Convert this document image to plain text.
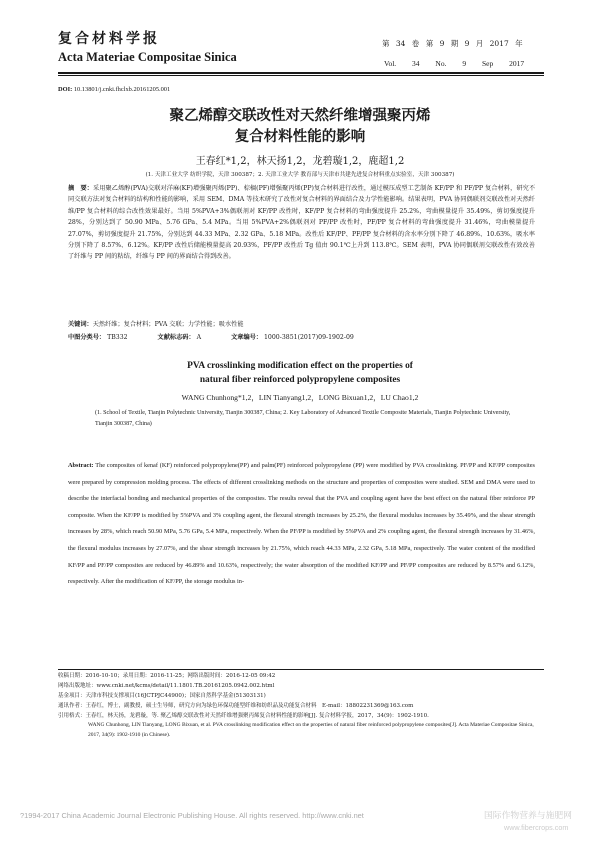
复合材料学报
Acta Materiae Compositae Sinica
第 34 卷 第 9 期 9 月 2017 年
Vol. 34 No. 9 Sep 2017
DOI: 10.13801/j.cnki.fhclxb.20161205.001
聚乙烯醇交联改性对天然纤维增强聚丙烯
复合材料性能的影响
王春红*1,2，林天扬1,2，龙碧璇1,2，鹿超1,2
(1. 天津工业大学 纺织学院，天津 300387；2. 天津工业大学 教育部与天津市共建先进复合材料重点实验室，天津 300387)
摘　要：采用聚乙烯醇(PVA)交联对洋麻(KF)增强聚丙烯(PP)、棕榈(PF)增强聚丙烯(PP)复合材料进行改性，通过模压成型工艺制备 KF/PP 和 PF/PP 复合材料，研究不同交联方法对复合材料的结构和性能的影响，采用 SEM、DMA 等技术研究了改性对复合材料的界面结合及力学性能影响。结果表明，PVA 协同偶联剂交联改性对天然纤维/PP 复合材料的综合改性效果最好。当用 5%PVA+3%偶联剂对 KF/PP 改性时，KF/PP 复合材料的弯曲强度提升 25.2%，弯曲模量提升 35.49%，剪切强度提升 28%，分别达到了 50.90 MPa、5.76 GPa、5.4 MPa。当用 5%PVA+2%偶联剂对 PF/PP 改性时，PF/PP 复合材料的弯曲强度提升 31.46%，弯曲模量提升 27.07%，剪切强度提升 21.75%，分别达到 44.33 MPa、2.32 GPa、5.18 MPa。改性后 KF/PP、PF/PP 复合材料的含水率分别下降了 46.89%、10.63%，吸水率分别下降了 8.57%、6.12%。KF/PP 改性后储能模量提高 20.93%，PF/PP 改性后 Tg 值由 90.1℃上升到 113.8℃。SEM 表明，PVA 协同偶联剂交联改性有效改善了纤维与 PP 间的粘结，纤维与 PP 间的界面结合得到改善。
关键词：天然纤维；复合材料；PVA 交联；力学性能；吸水性能
中图分类号： TB332	文献标志码： A	文章编号： 1000-3851(2017)09-1902-09
PVA crosslinking modification effect on the properties of
natural fiber reinforced polypropylene composites
WANG Chunhong*1,2，LIN Tianyang1,2，LONG Bixuan1,2，LU Chao1,2
(1. School of Textile, Tianjin Polytechnic University, Tianjin 300387, China; 2. Key Laboratory of Advanced Textile Composite Materials, Tianjin Polytechnic University, Tianjin 300387, China)
Abstract: The composites of kenaf (KF) reinforced polypropylene(PP) and palm(PF) reinforced polypropylene (PP) were modified by PVA crosslinking. PF/PP and KF/PP composites were prepared by compression molding process. The effects of different crosslinking methods on the structure and properties of composites were studied. SEM and DMA were used to describe the interfacial bonding and mechanical properties of the composites. The results reveal that the PVA and coupling agent have the best effect on the natural fiber reinforce PP composite. When the KF/PP is modified by 5%PVA and 3% coupling agent, the flexural strength increases by 25.2%, the flexural modulus increases by 35.49%, and the shear strength increases by 28%, which reach 50.90 MPa, 5.76 GPa, 5.4 MPa, respectively. When the PF/PP is modified by 5%PVA and 2% coupling agent, the flexural strength increases by 31.46%, the flexural modulus increases by 27.07%, and the shear strength increases by 21.75%, which reach 44.33 MPa, 2.32 GPa, 5.18 MPa, respectively. The water content of the modified KF/PP and PF/PP composites are reduced by 46.89% and 10.63%, respectively; the water absorption of the modified KF/PP and PF/PP composites are reduced by 8.57% and 6.12%, respectively. After the modification of KF/PP, the storage modulus in-
收稿日期：2016-10-10；录用日期：2016-11-25；网络出版时间：2016-12-05 09:42
网络出版地址：www.cnki.net/kcms/detail/11.1801.TB.20161205.0942.002.html
基金项目：天津市科技支撑项目(16JCTPJC44900)；国家自然科学基金(51303131)
通讯作者：王春红，博士，副教授，硕士生导师，研究方向为绿色环保功能型纤维和纺织品及功能复合材料　E-mail：18802231369@163.com
引用格式：王春红，林天扬，龙碧璇，等. 聚乙烯醇交联改性对天然纤维增强聚丙烯复合材料性能的影响[J]. 复合材料学报，2017，34(9)：1902-1910.
WANG Chunhong, LIN Tianyang, LONG Bixuan, et al. PVA crosslinking modification effect on the properties of natural fiber reinforced polypropylene composites[J]. Acta Materiae Compositae Sinica, 2017, 34(9): 1902-1910 (in Chinese).
?1994-2017 China Academic Journal Electronic Publishing House. All rights reserved. http://www.cnki.net	国际作物营养与施肥网
www.fibercrops.com
